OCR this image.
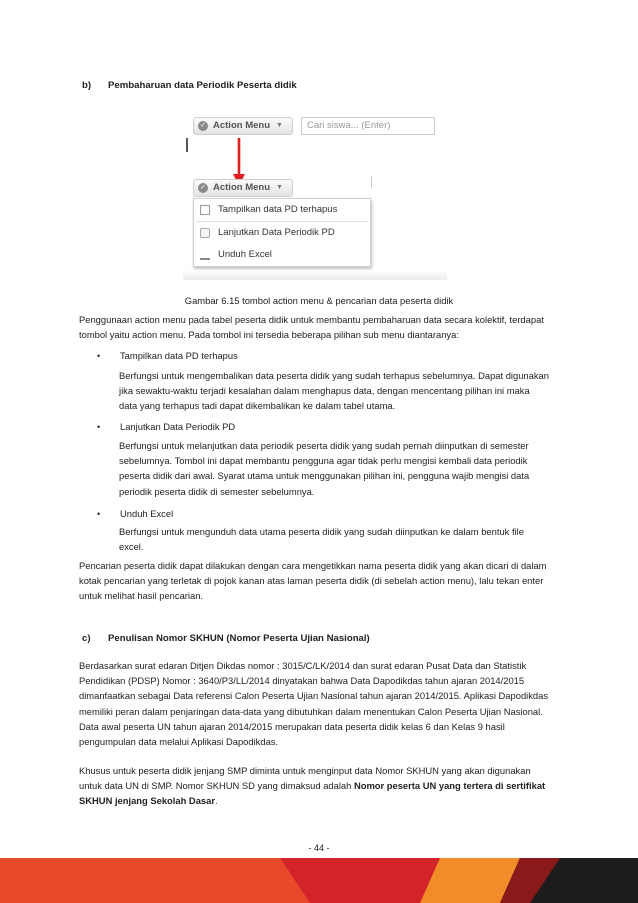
b) Pembaharuan data Periodik Peserta didik
✓ Action Menu ▼	Cari siswa... (Enter)
✓ Action Menu ▼
Tampilkan data PD terhapus
Lanjutkan Data Periodik PD
Unduh Excel
Gambar 6.15 tombol action menu & pencarian data peserta didik
Penggunaan action menu pada tabel peserta didik untuk membantu pembaharuan data secara kolektif, terdapat
tombol yaitu action menu. Pada tombol ini tersedia beberapa pilihan sub menu diantaranya:
•	Tampilkan data PD terhapus
Berfungsi untuk mengembalikan data peserta didik yang sudah terhapus sebelumnya. Dapat digunakan
jika sewaktu-waktu terjadi kesalahan dalam menghapus data, dengan mencentang pilihan ini maka
data yang terhapus tadi dapat dikembalikan ke dalam tabel utama.
•	Lanjutkan Data Periodik PD
Berfungsi untuk melanjutkan data periodik peserta didik yang sudah pernah diinputkan di semester
sebelumnya. Tombol ini dapat membantu pengguna agar tidak perlu mengisi kembali data periodik
peserta didik dari awal. Syarat utama untuk menggunakan pilihan ini, pengguna wajib mengisi data
periodik peserta didik di semester sebelumnya.
•	Unduh Excel
Berfungsi untuk mengunduh data utama peserta didik yang sudah diinputkan ke dalam bentuk file
excel.
Pencarian peserta didik dapat dilakukan dengan cara mengetikkan nama peserta didik yang akan dicari di dalam
kotak pencarian yang terletak di pojok kanan atas laman peserta didik (di sebelah action menu), lalu tekan enter
untuk melihat hasil pencarian.
c) Penulisan Nomor SKHUN (Nomor Peserta Ujian Nasional)
Berdasarkan surat edaran Ditjen Dikdas nomor : 3015/C/LK/2014 dan surat edaran Pusat Data dan Statistik
Pendidikan (PDSP) Nomor : 3640/P3/LL/2014 dinyatakan bahwa Data Dapodikdas tahun ajaran 2014/2015
dimanfaatkan sebagai Data referensi Calon Peserta Ujian Nasional tahun ajaran 2014/2015. Aplikasi Dapodikdas
memiliki peran dalam penjaringan data-data yang dibutuhkan dalam menentukan Calon Peserta Ujian Nasional.
Data awal peserta UN tahun ajaran 2014/2015 merupakan data peserta didik kelas 6 dan Kelas 9 hasil
pengumpulan data melalui Aplikasi Dapodikdas.
Khusus untuk peserta didik jenjang SMP diminta untuk menginput data Nomor SKHUN yang akan digunakan
untuk data UN di SMP. Nomor SKHUN SD yang dimaksud adalah Nomor peserta UN yang tertera di sertifikat
SKHUN jenjang Sekolah Dasar.
- 44 -
